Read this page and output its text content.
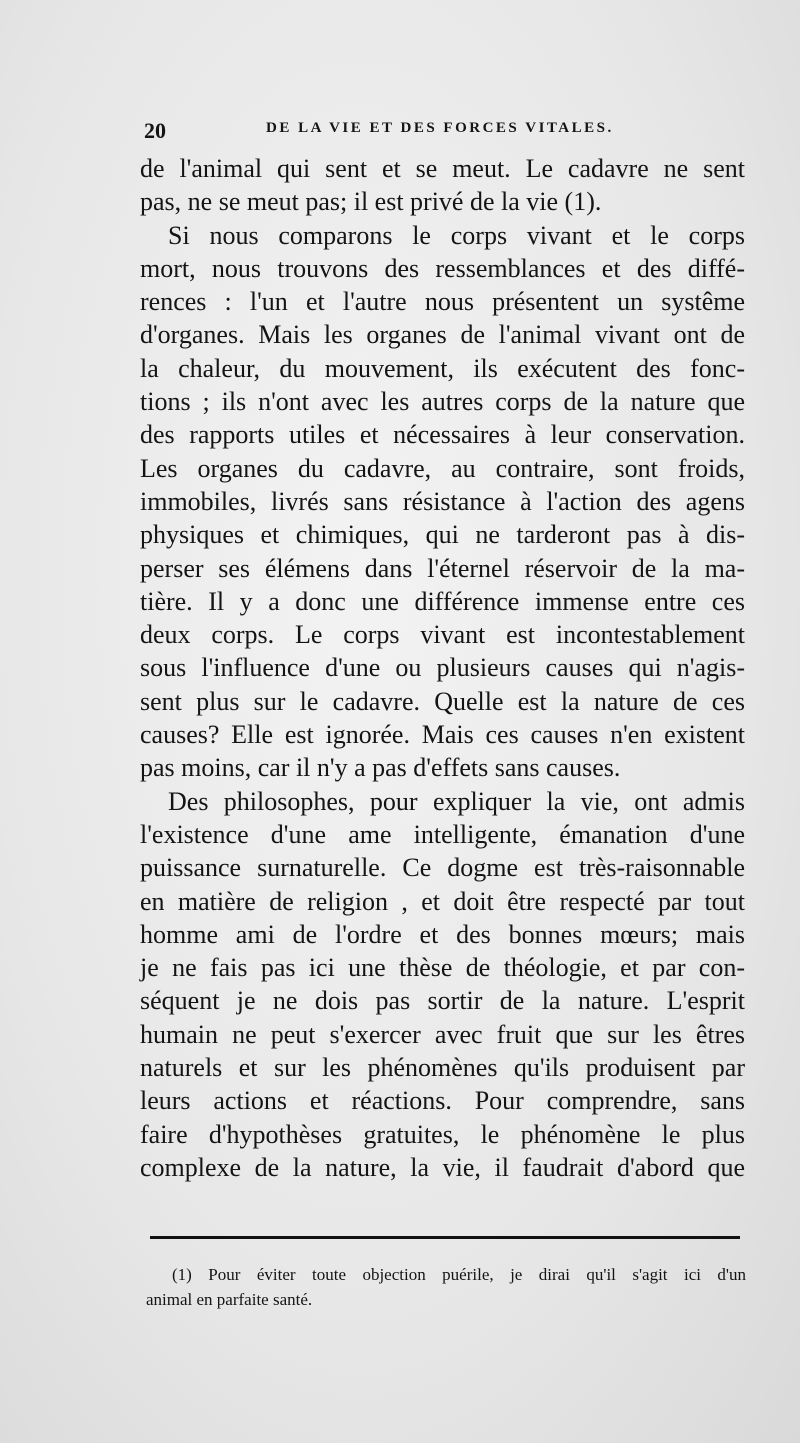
20	DE LA VIE ET DES FORCES VITALES.
de l'animal qui sent et se meut. Le cadavre ne sent
pas, ne se meut pas; il est privé de la vie (1).
Si nous comparons le corps vivant et le corps
mort, nous trouvons des ressemblances et des diffé-
rences : l'un et l'autre nous présentent un systême
d'organes. Mais les organes de l'animal vivant ont de
la chaleur, du mouvement, ils exécutent des fonc-
tions ; ils n'ont avec les autres corps de la nature que
des rapports utiles et nécessaires à leur conservation.
Les organes du cadavre, au contraire, sont froids,
immobiles, livrés sans résistance à l'action des agens
physiques et chimiques, qui ne tarderont pas à dis-
perser ses élémens dans l'éternel réservoir de la ma-
tière. Il y a donc une différence immense entre ces
deux corps. Le corps vivant est incontestablement
sous l'influence d'une ou plusieurs causes qui n'agis-
sent plus sur le cadavre. Quelle est la nature de ces
causes? Elle est ignorée. Mais ces causes n'en existent
pas moins, car il n'y a pas d'effets sans causes.
Des philosophes, pour expliquer la vie, ont admis
l'existence d'une ame intelligente, émanation d'une
puissance surnaturelle. Ce dogme est très-raisonnable
en matière de religion , et doit être respecté par tout
homme ami de l'ordre et des bonnes mœurs; mais
je ne fais pas ici une thèse de théologie, et par con-
séquent je ne dois pas sortir de la nature. L'esprit
humain ne peut s'exercer avec fruit que sur les êtres
naturels et sur les phénomènes qu'ils produisent par
leurs actions et réactions. Pour comprendre, sans
faire d'hypothèses gratuites, le phénomène le plus
complexe de la nature, la vie, il faudrait d'abord que
(1) Pour éviter toute objection puérile, je dirai qu'il s'agit ici d'un
animal en parfaite santé.
